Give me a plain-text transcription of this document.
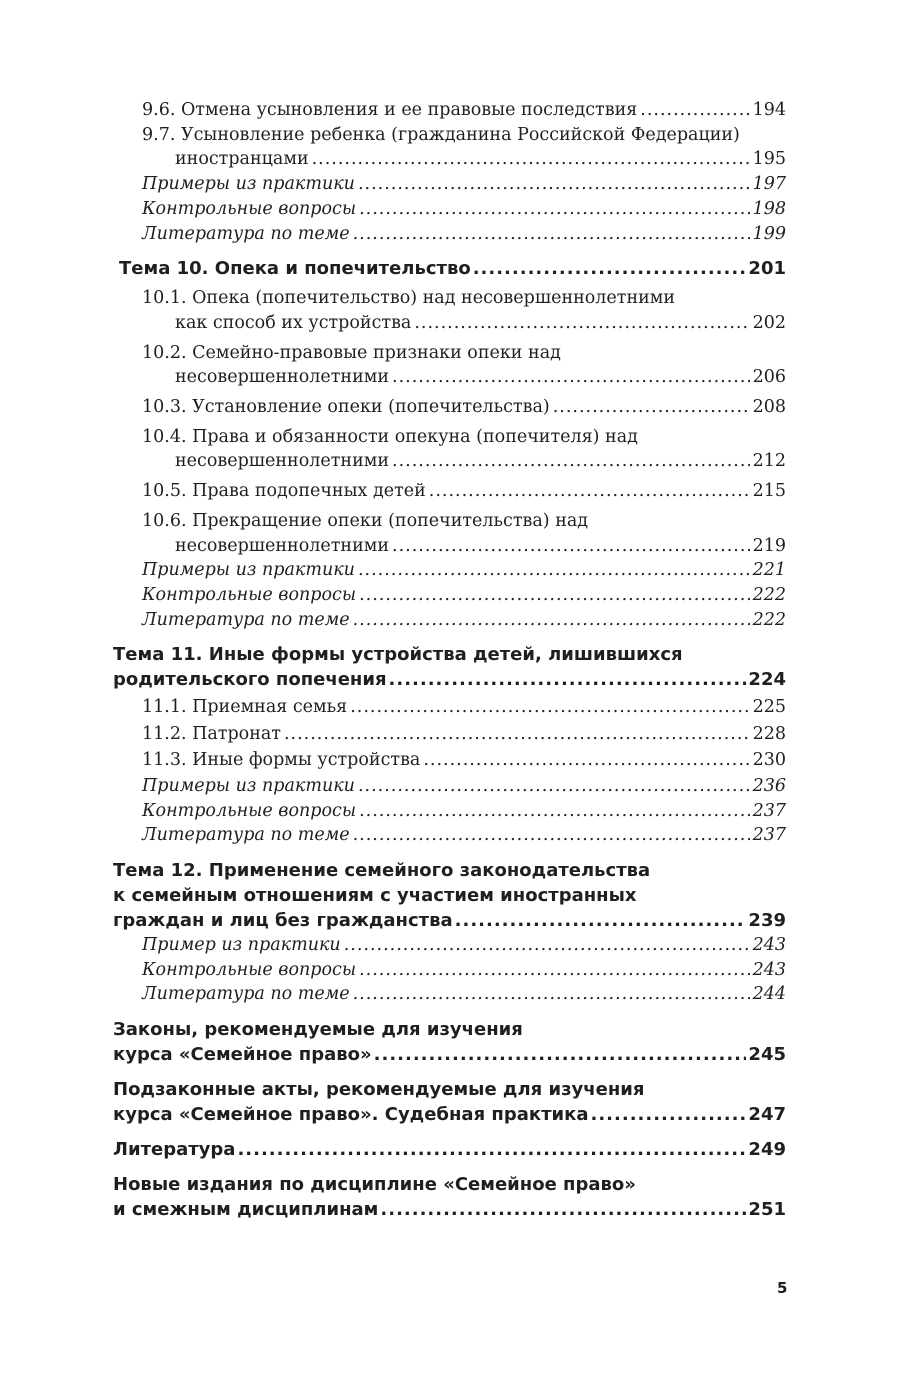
9.6. Отмена усыновления и ее правовые последствия .....	194
9.7. Усыновление ребенка (гражданина Российской Федерации)
иностранцами .....	195
Примеры из практики .....	197
Контрольные вопросы .....	198
Литература по теме .....	199
Тема 10. Опека и попечительство .....	201
10.1. Опека (попечительство) над несовершеннолетними
как способ их устройства .....	202
10.2. Семейно-правовые признаки опеки над
несовершеннолетними .....	206
10.3. Установление опеки (попечительства) .....	208
10.4. Права и обязанности опекуна (попечителя) над
несовершеннолетними .....	212
10.5. Права подопечных детей .....	215
10.6. Прекращение опеки (попечительства) над
несовершеннолетними .....	219
Примеры из практики .....	221
Контрольные вопросы .....	222
Литература по теме .....	222
Тема 11. Иные формы устройства детей, лишившихся
родительского попечения .....	224
11.1. Приемная семья .....	225
11.2. Патронат .....	228
11.3. Иные формы устройства .....	230
Примеры из практики .....	236
Контрольные вопросы .....	237
Литература по теме .....	237
Тема 12. Применение семейного законодательства
к семейным отношениям с участием иностранных
граждан и лиц без гражданства .....	239
Пример из практики .....	243
Контрольные вопросы .....	243
Литература по теме .....	244
Законы, рекомендуемые для изучения
курса «Семейное право» .....	245
Подзаконные акты, рекомендуемые для изучения
курса «Семейное право». Судебная практика .....	247
Литература .....	249
Новые издания по дисциплине «Семейное право»
и смежным дисциплинам .....	251
5
